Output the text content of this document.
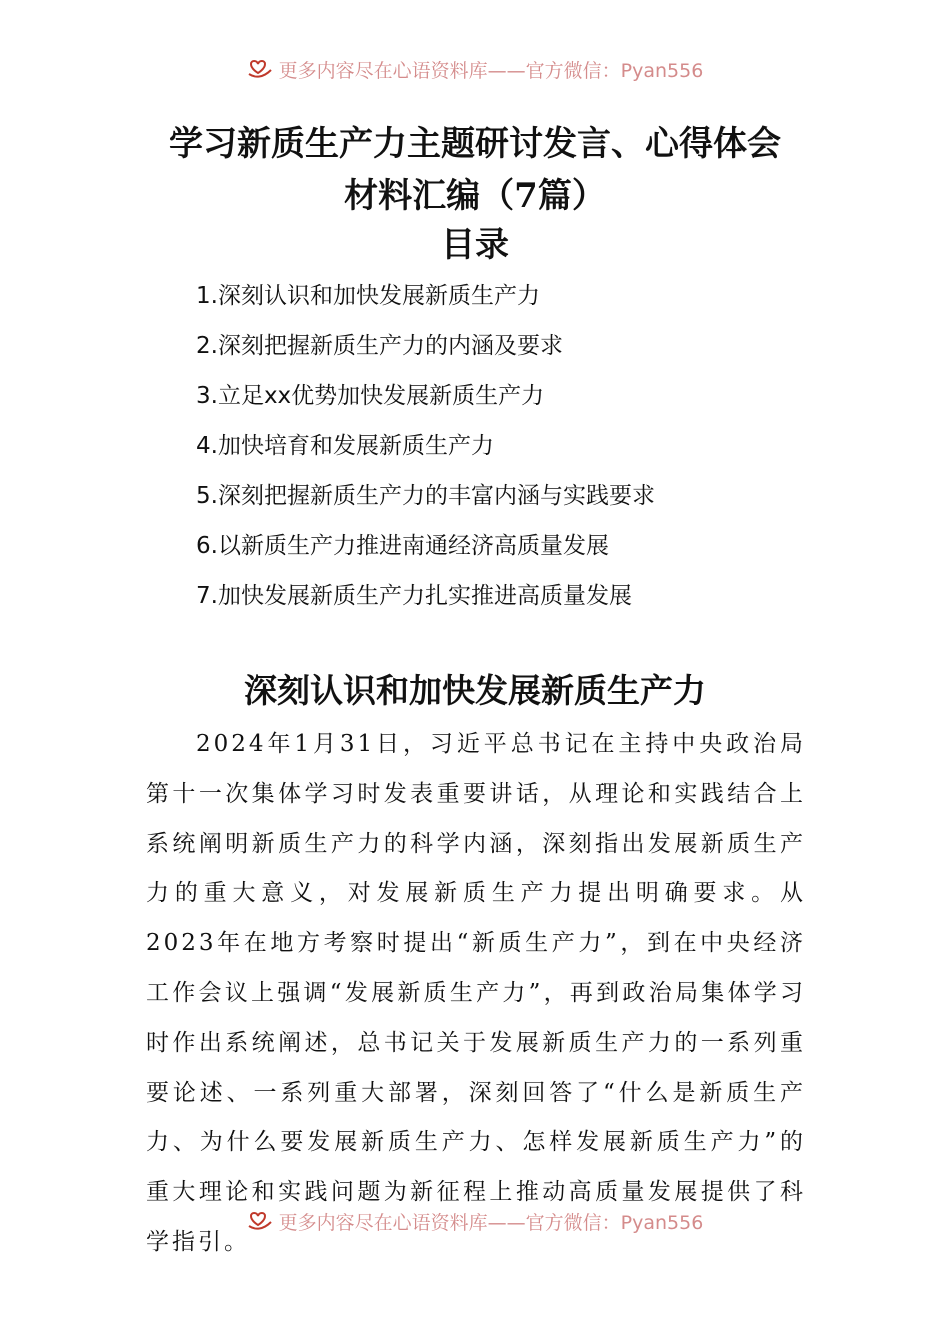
更多内容尽在心语资料库——官方微信：Pyan556
学习新质生产力主题研讨发言、心得体会
材料汇编（7篇）
目录
1.深刻认识和加快发展新质生产力
2.深刻把握新质生产力的内涵及要求
3.立足xx优势加快发展新质生产力
4.加快培育和发展新质生产力
5.深刻把握新质生产力的丰富内涵与实践要求
6.以新质生产力推进南通经济高质量发展
7.加快发展新质生产力扎实推进高质量发展
深刻认识和加快发展新质生产力

2024年1月31日，习近平总书记在主持中央政治局第十一次集体学习时发表重要讲话，从理论和实践结合上系统阐明新质生产力的科学内涵，深刻指出发展新质生产力的重大意义，对发展新质生产力提出明确要求。从2023年在地方考察时提出“新质生产力”，到在中央经济工作会议上强调“发展新质生产力”，再到政治局集体学习时作出系统阐述，总书记关于发展新质生产力的一系列重要论述、一系列重大部署，深刻回答了“什么是新质生产力、为什么要发展新质生产力、怎样发展新质生产力”的重大理论和实践问题为新征程上推动高质量发展提供了科学指引。

更多内容尽在心语资料库——官方微信：Pyan556
